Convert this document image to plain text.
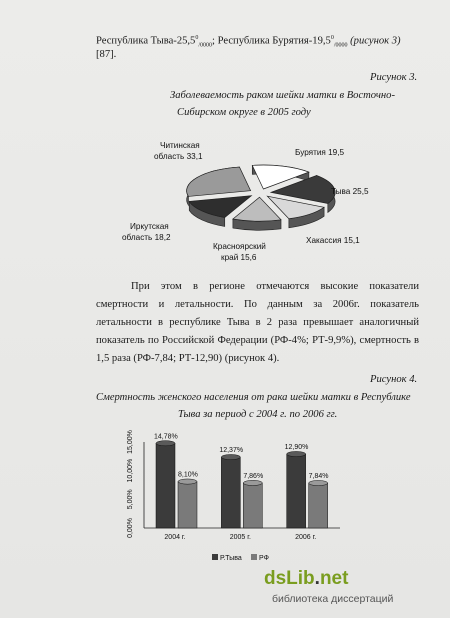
Республика Тыва-$25,5^0_{/0000}$; Республика Бурятия-$19,5^0_{/0000}$ (рисунок 3)
[87].
Рисунок 3.
Заболеваемость раком шейки матки в Восточно-
Сибирском округе в 2005 году
Бурятия 19,5
Тыва 25,5
Хакассия 15,1
Красноярский
край 15,6
Иркутская
область 18,2
Читинская
область 33,1
При этом в регионе отмечаются высокие показатели
смертности и летальности. По данным за 2006г. показатель
летальности в республике Тыва в 2 раза превышает аналогичный
показатель по Российской Федерации (РФ-4%; РТ-9,9%), смертность в
1,5 раза (РФ-7,84; РТ-12,90) (рисунок 4).
Рисунок 4.
Смертность женского населения от рака шейки матки в Республике
Тыва за период с 2004 г. по 2006 гг.
0,00%
5,00%
10,00%
15,00%	14,78%
8,10%
2004 г.
12,37%
7,86%
2005 г.
12,90%
7,84%
2006 г.
Р.Тыва РФ
dsLib.net
библиотека диссертаций
